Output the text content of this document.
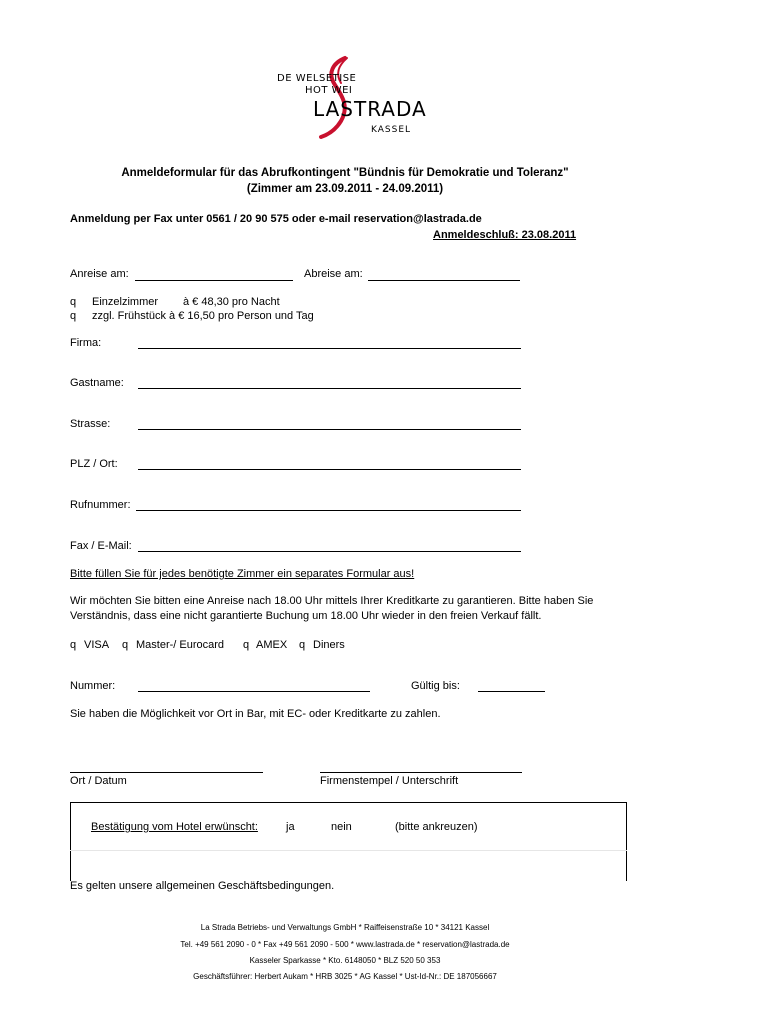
DE WELSETISE
HOT WEI
LASTRADA
KASSEL
Anmeldeformular für das Abrufkontingent "Bündnis für Demokratie und Toleranz"
(Zimmer am 23.09.2011 - 24.09.2011)
Anmeldung per Fax unter 0561 / 20 90 575 oder e-mail reservation@lastrada.de
Anmeldeschluß: 23.08.2011
Anreise am:	Abreise am:
q Einzelzimmer à € 48,30 pro Nacht
q zzgl. Frühstück à € 16,50 pro Person und Tag
Firma:
Gastname:
Strasse:
PLZ / Ort:
Rufnummer:
Fax / E-Mail:
Bitte füllen Sie für jedes benötigte Zimmer ein separates Formular aus!
Wir möchten Sie bitten eine Anreise nach 18.00 Uhr mittels Ihrer Kreditkarte zu garantieren. Bitte haben Sie
Verständnis, dass eine nicht garantierte Buchung um 18.00 Uhr wieder in den freien Verkauf fällt.
q VISA q Master-/ Eurocard q AMEX q Diners
Nummer:	Gültig bis:
Sie haben die Möglichkeit vor Ort in Bar, mit EC- oder Kreditkarte zu zahlen.
Ort / Datum	Firmenstempel / Unterschrift
Bestätigung vom Hotel erwünscht:	ja	nein	(bitte ankreuzen)
Es gelten unsere allgemeinen Geschäftsbedingungen.
La Strada Betriebs- und Verwaltungs GmbH * Raiffeisenstraße 10 * 34121 Kassel
Tel. +49 561 2090 - 0 * Fax +49 561 2090 - 500 * www.lastrada.de * reservation@lastrada.de
Kasseler Sparkasse * Kto. 6148050 * BLZ 520 50 353
Geschäftsführer: Herbert Aukam * HRB 3025 * AG Kassel * Ust-Id-Nr.: DE 187056667
